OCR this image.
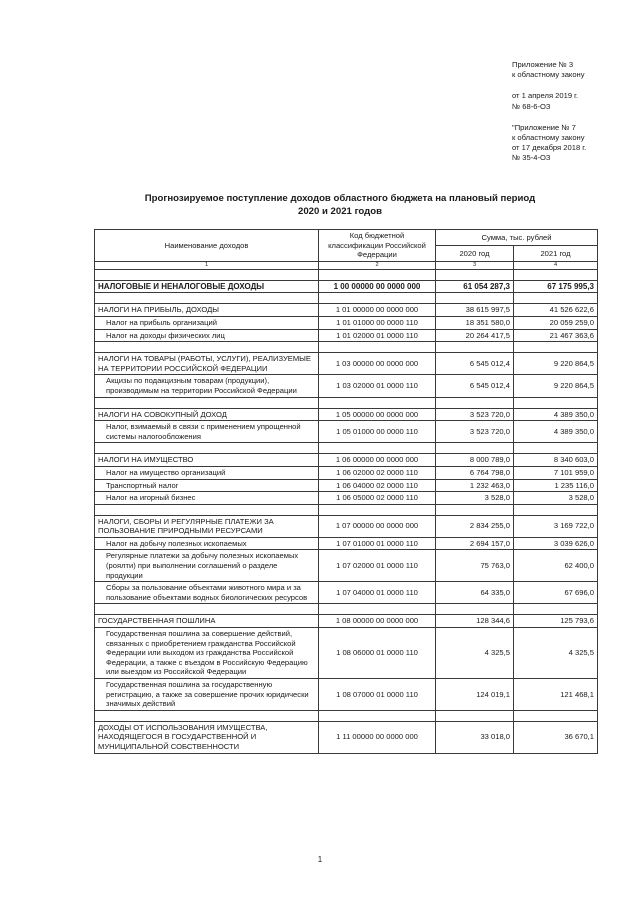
Приложение № 3
к областному закону
от 1 апреля 2019 г.
№ 68-6-ОЗ
"Приложение № 7
к областному закону
от 17 декабря 2018 г.
№ 35-4-ОЗ
Прогнозируемое поступление доходов областного бюджета на плановый период
2020 и 2021 годов
Наименование доходов	Код бюджетной классификации Российской Федерации	Сумма, тыс. рублей	
		2020 год	2021 год
1	2	3	4

НАЛОГОВЫЕ И НЕНАЛОГОВЫЕ ДОХОДЫ	1 00 00000 00 0000 000	61 054 287,3	67 175 995,3

НАЛОГИ НА ПРИБЫЛЬ, ДОХОДЫ	1 01 00000 00 0000 000	38 615 997,5	41 526 622,6
Налог на прибыль организаций	1 01 01000 00 0000 110	18 351 580,0	20 059 259,0
Налог на доходы физических лиц	1 01 02000 01 0000 110	20 264 417,5	21 467 363,6

НАЛОГИ НА ТОВАРЫ (РАБОТЫ, УСЛУГИ), РЕАЛИЗУЕМЫЕ НА ТЕРРИТОРИИ РОССИЙСКОЙ ФЕДЕРАЦИИ	1 03 00000 00 0000 000	6 545 012,4	9 220 864,5
Акцизы по подакцизным товарам (продукции), производимым на территории Российской Федерации	1 03 02000 01 0000 110	6 545 012,4	9 220 864,5

НАЛОГИ НА СОВОКУПНЫЙ ДОХОД	1 05 00000 00 0000 000	3 523 720,0	4 389 350,0
Налог, взимаемый в связи с применением упрощенной системы налогообложения	1 05 01000 00 0000 110	3 523 720,0	4 389 350,0

НАЛОГИ НА ИМУЩЕСТВО	1 06 00000 00 0000 000	8 000 789,0	8 340 603,0
Налог на имущество организаций	1 06 02000 02 0000 110	6 764 798,0	7 101 959,0
Транспортный налог	1 06 04000 02 0000 110	1 232 463,0	1 235 116,0
Налог на игорный бизнес	1 06 05000 02 0000 110	3 528,0	3 528,0

НАЛОГИ, СБОРЫ И РЕГУЛЯРНЫЕ ПЛАТЕЖИ ЗА ПОЛЬЗОВАНИЕ ПРИРОДНЫМИ РЕСУРСАМИ	1 07 00000 00 0000 000	2 834 255,0	3 169 722,0
Налог на добычу полезных ископаемых	1 07 01000 01 0000 110	2 694 157,0	3 039 626,0
Регулярные платежи за добычу полезных ископаемых (роялти) при выполнении соглашений о разделе продукции	1 07 02000 01 0000 110	75 763,0	62 400,0
Сборы за пользование объектами животного мира и за пользование объектами водных биологических ресурсов	1 07 04000 01 0000 110	64 335,0	67 696,0

ГОСУДАРСТВЕННАЯ ПОШЛИНА	1 08 00000 00 0000 000	128 344,6	125 793,6
Государственная пошлина за совершение действий, связанных с приобретением гражданства Российской Федерации или выходом из гражданства Российской Федерации, а также с въездом в Российскую Федерацию или выездом из Российской Федерации	1 08 06000 01 0000 110	4 325,5	4 325,5
Государственная пошлина за государственную регистрацию, а также за совершение прочих юридически значимых действий	1 08 07000 01 0000 110	124 019,1	121 468,1

ДОХОДЫ ОТ ИСПОЛЬЗОВАНИЯ ИМУЩЕСТВА, НАХОДЯЩЕГОСЯ В ГОСУДАРСТВЕННОЙ И МУНИЦИПАЛЬНОЙ СОБСТВЕННОСТИ	1 11 00000 00 0000 000	33 018,0	36 670,1
1
